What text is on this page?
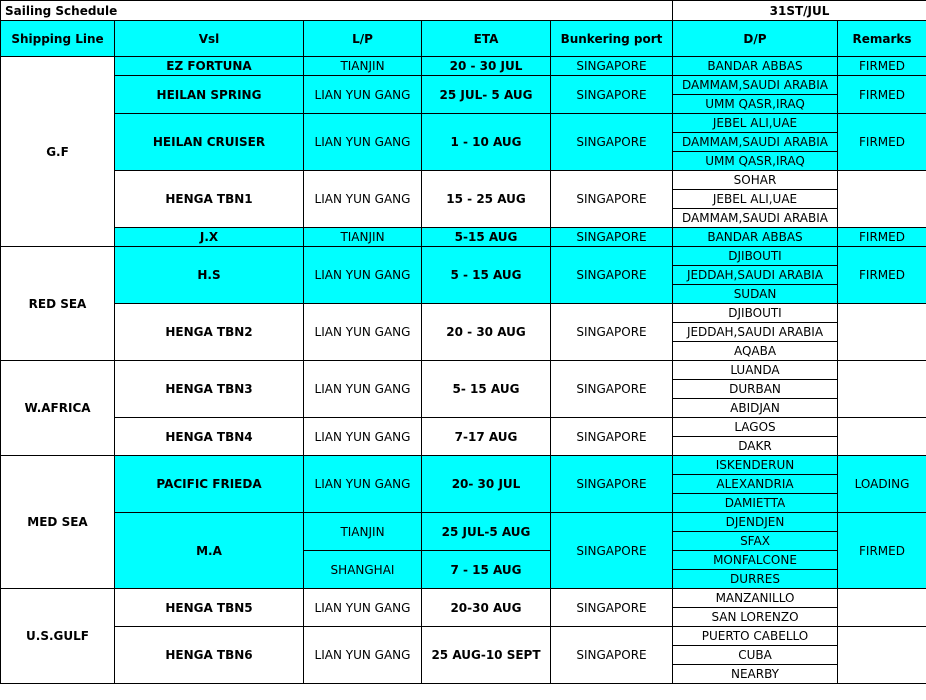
Sailing Schedule					31ST/JUL	
Shipping Line	Vsl	L/P	ETA	Bunkering port	D/P	Remarks
G.F	EZ FORTUNA	TIANJIN	20 - 30 JUL	SINGAPORE	BANDAR ABBAS	FIRMED
	HEILAN SPRING	LIAN YUN GANG	25 JUL- 5 AUG	SINGAPORE	DAMMAM,SAUDI ARABIA	FIRMED
					UMM QASR,IRAQ	
	HEILAN CRUISER	LIAN YUN GANG	1 - 10 AUG	SINGAPORE	JEBEL ALI,UAE	FIRMED
					DAMMAM,SAUDI ARABIA	
					UMM QASR,IRAQ	
	HENGA TBN1	LIAN YUN GANG	15 - 25 AUG	SINGAPORE	SOHAR	
					JEBEL ALI,UAE	
					DAMMAM,SAUDI ARABIA	
	J.X	TIANJIN	5-15 AUG	SINGAPORE	BANDAR ABBAS	FIRMED
RED SEA	H.S	LIAN YUN GANG	5 - 15 AUG	SINGAPORE	DJIBOUTI	FIRMED
					JEDDAH,SAUDI ARABIA	
					SUDAN	
	HENGA TBN2	LIAN YUN GANG	20 - 30 AUG	SINGAPORE	DJIBOUTI	
					JEDDAH,SAUDI ARABIA	
					AQABA	
W.AFRICA	HENGA TBN3	LIAN YUN GANG	5- 15 AUG	SINGAPORE	LUANDA	
					DURBAN	
					ABIDJAN	
	HENGA TBN4	LIAN YUN GANG	7-17 AUG	SINGAPORE	LAGOS	
					DAKR	
MED SEA	PACIFIC FRIEDA	LIAN YUN GANG	20- 30 JUL	SINGAPORE	ISKENDERUN	LOADING
					ALEXANDRIA	
					DAMIETTA	
	M.A	TIANJIN	25 JUL-5 AUG	SINGAPORE	DJENDJEN	FIRMED
					SFAX	
		SHANGHAI	7 - 15 AUG		MONFALCONE	
					DURRES	
U.S.GULF	HENGA TBN5	LIAN YUN GANG	20-30 AUG	SINGAPORE	MANZANILLO	
					SAN LORENZO	
	HENGA TBN6	LIAN YUN GANG	25 AUG-10 SEPT	SINGAPORE	PUERTO CABELLO	
					CUBA	
					NEARBY	
